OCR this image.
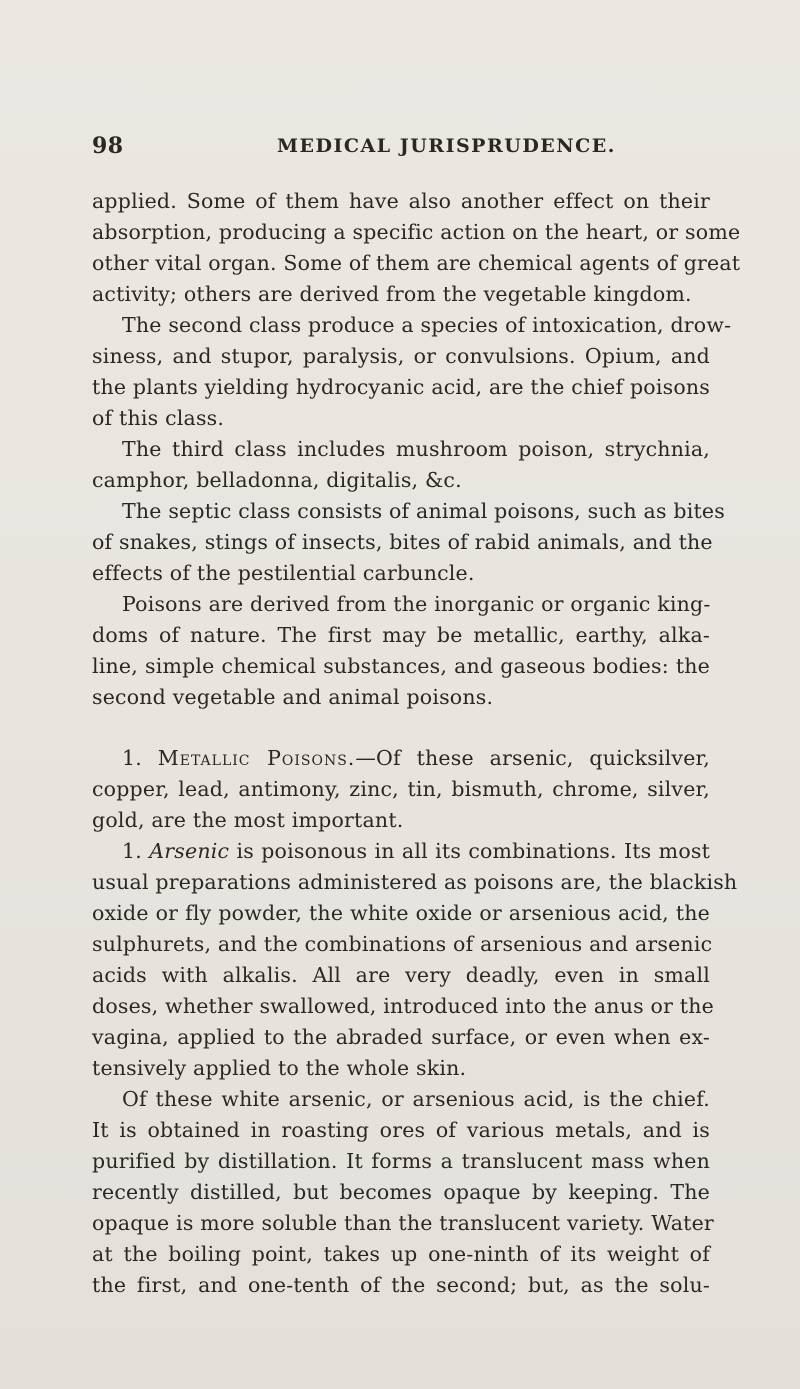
98	MEDICAL JURISPRUDENCE.
applied. Some of them have also another effect on their
absorption, producing a specific action on the heart, or some
other vital organ. Some of them are chemical agents of great
activity; others are derived from the vegetable kingdom.
The second class produce a species of intoxication, drow-
siness, and stupor, paralysis, or convulsions. Opium, and
the plants yielding hydrocyanic acid, are the chief poisons
of this class.
The third class includes mushroom poison, strychnia,
camphor, belladonna, digitalis, &c.
The septic class consists of animal poisons, such as bites
of snakes, stings of insects, bites of rabid animals, and the
effects of the pestilential carbuncle.
Poisons are derived from the inorganic or organic king-
doms of nature. The first may be metallic, earthy, alka-
line, simple chemical substances, and gaseous bodies: the
second vegetable and animal poisons.
1. Metallic Poisons.—Of these arsenic, quicksilver,
copper, lead, antimony, zinc, tin, bismuth, chrome, silver,
gold, are the most important.
1. Arsenic is poisonous in all its combinations. Its most
usual preparations administered as poisons are, the blackish
oxide or fly powder, the white oxide or arsenious acid, the
sulphurets, and the combinations of arsenious and arsenic
acids with alkalis. All are very deadly, even in small
doses, whether swallowed, introduced into the anus or the
vagina, applied to the abraded surface, or even when ex-
tensively applied to the whole skin.
Of these white arsenic, or arsenious acid, is the chief.
It is obtained in roasting ores of various metals, and is
purified by distillation. It forms a translucent mass when
recently distilled, but becomes opaque by keeping. The
opaque is more soluble than the translucent variety. Water
at the boiling point, takes up one-ninth of its weight of
the first, and one-tenth of the second; but, as the solu-
